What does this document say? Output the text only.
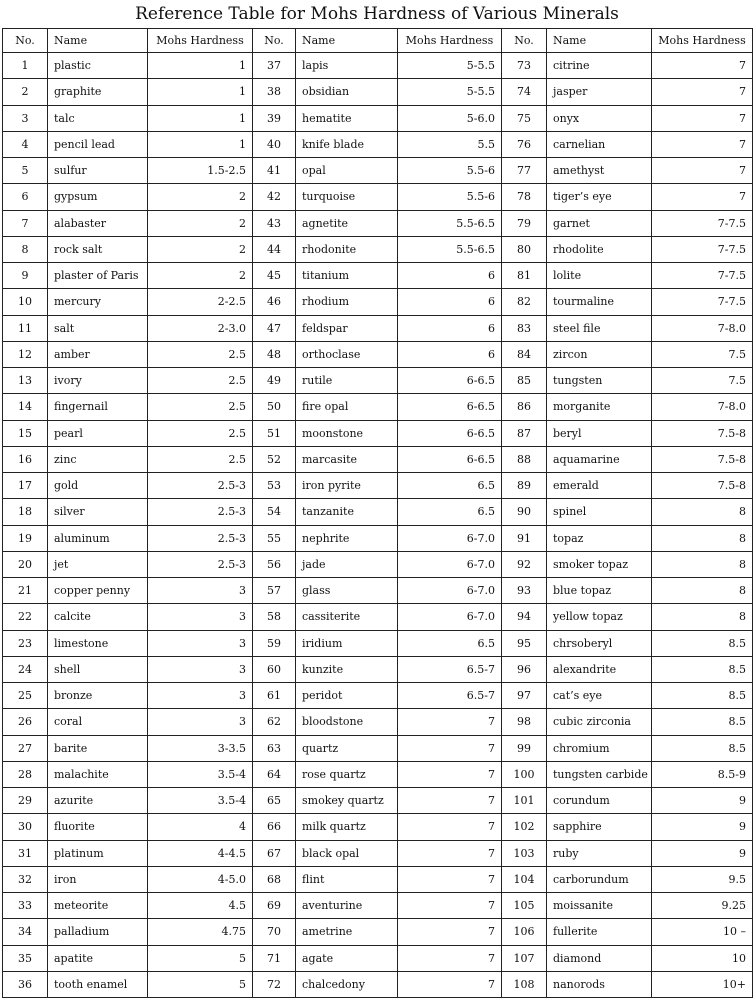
Reference Table for Mohs Hardness of Various Minerals
No.	Name	Mohs Hardness	No.	Name	Mohs Hardness	No.	Name	Mohs Hardness
1	plastic	1	37	lapis	5-5.5	73	citrine	7
2	graphite	1	38	obsidian	5-5.5	74	jasper	7
3	talc	1	39	hematite	5-6.0	75	onyx	7
4	pencil lead	1	40	knife blade	5.5	76	carnelian	7
5	sulfur	1.5-2.5	41	opal	5.5-6	77	amethyst	7
6	gypsum	2	42	turquoise	5.5-6	78	tiger’s eye	7
7	alabaster	2	43	agnetite	5.5-6.5	79	garnet	7-7.5
8	rock salt	2	44	rhodonite	5.5-6.5	80	rhodolite	7-7.5
9	plaster of Paris	2	45	titanium	6	81	lolite	7-7.5
10	mercury	2-2.5	46	rhodium	6	82	tourmaline	7-7.5
11	salt	2-3.0	47	feldspar	6	83	steel file	7-8.0
12	amber	2.5	48	orthoclase	6	84	zircon	7.5
13	ivory	2.5	49	rutile	6-6.5	85	tungsten	7.5
14	fingernail	2.5	50	fire opal	6-6.5	86	morganite	7-8.0
15	pearl	2.5	51	moonstone	6-6.5	87	beryl	7.5-8
16	zinc	2.5	52	marcasite	6-6.5	88	aquamarine	7.5-8
17	gold	2.5-3	53	iron pyrite	6.5	89	emerald	7.5-8
18	silver	2.5-3	54	tanzanite	6.5	90	spinel	8
19	aluminum	2.5-3	55	nephrite	6-7.0	91	topaz	8
20	jet	2.5-3	56	jade	6-7.0	92	smoker topaz	8
21	copper penny	3	57	glass	6-7.0	93	blue topaz	8
22	calcite	3	58	cassiterite	6-7.0	94	yellow topaz	8
23	limestone	3	59	iridium	6.5	95	chrsoberyl	8.5
24	shell	3	60	kunzite	6.5-7	96	alexandrite	8.5
25	bronze	3	61	peridot	6.5-7	97	cat’s eye	8.5
26	coral	3	62	bloodstone	7	98	cubic zirconia	8.5
27	barite	3-3.5	63	quartz	7	99	chromium	8.5
28	malachite	3.5-4	64	rose quartz	7	100	tungsten carbide	8.5-9
29	azurite	3.5-4	65	smokey quartz	7	101	corundum	9
30	fluorite	4	66	milk quartz	7	102	sapphire	9
31	platinum	4-4.5	67	black opal	7	103	ruby	9
32	iron	4-5.0	68	flint	7	104	carborundum	9.5
33	meteorite	4.5	69	aventurine	7	105	moissanite	9.25
34	palladium	4.75	70	ametrine	7	106	fullerite	10 –
35	apatite	5	71	agate	7	107	diamond	10
36	tooth enamel	5	72	chalcedony	7	108	nanorods	10+
